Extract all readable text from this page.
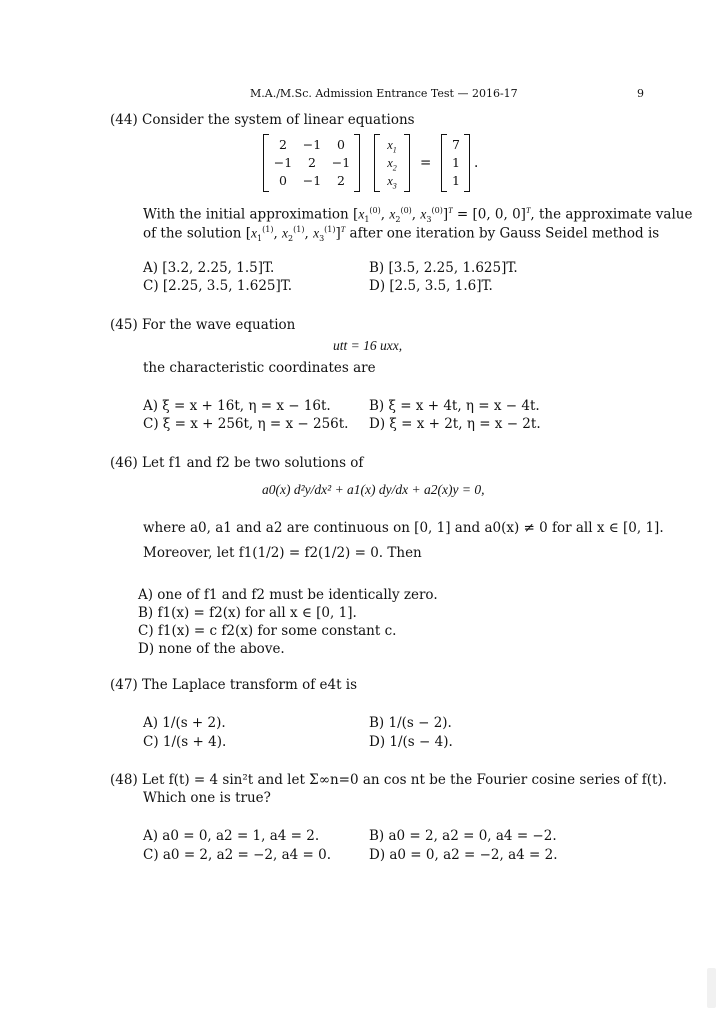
M.A./M.Sc. Admission Entrance Test — 2016-17	9
(44) Consider the system of linear equations
2	−1	0
−1	2	−1
0	−1	2
$x_1$
$x_2$
$x_3$
=
7
1
1
.
With the initial approximation [$x_1^{(0)}$, $x_2^{(0)}$, $x_3^{(0)}]^T = [0$, 0, 0]$^T$, the approximate value
of the solution [$x_1^{(1)}$, $x_2^{(1)}$, $x_3^{(1)}]^T$ after one iteration by Gauss Seidel method is
A) [3.2, 2.25, 1.5]T.	B) [3.5, 2.25, 1.625]T.
C) [2.25, 3.5, 1.625]T.	D) [2.5, 3.5, 1.6]T.
(45) For the wave equation
utt = 16 uxx,
the characteristic coordinates are
A) ξ = x + 16t, η = x − 16t.	B) ξ = x + 4t, η = x − 4t.
C) ξ = x + 256t, η = x − 256t. D) ξ = x + 2t, η = x − 2t.
(46) Let f1 and f2 be two solutions of
a0(x) d²y/dx² + a1(x) dy/dx + a2(x)y = 0,
where a0, a1 and a2 are continuous on [0, 1] and a0(x) ≠ 0 for all x ∈ [0, 1].
Moreover, let f1(1/2) = f2(1/2) = 0. Then
A) one of f1 and f2 must be identically zero.
B) f1(x) = f2(x) for all x ∈ [0, 1].
C) f1(x) = c f2(x) for some constant c.
D) none of the above.
(47) The Laplace transform of e4t is
A) 1/(s + 2).	B) 1/(s − 2).
C) 1/(s + 4).	D) 1/(s − 4).
(48) Let f(t) = 4 sin²t and let Σ∞n=0 an cos nt be the Fourier cosine series of f(t).
Which one is true?
A) a0 = 0, a2 = 1, a4 = 2.	B) a0 = 2, a2 = 0, a4 = −2.
C) a0 = 2, a2 = −2, a4 = 0.	D) a0 = 0, a2 = −2, a4 = 2.
